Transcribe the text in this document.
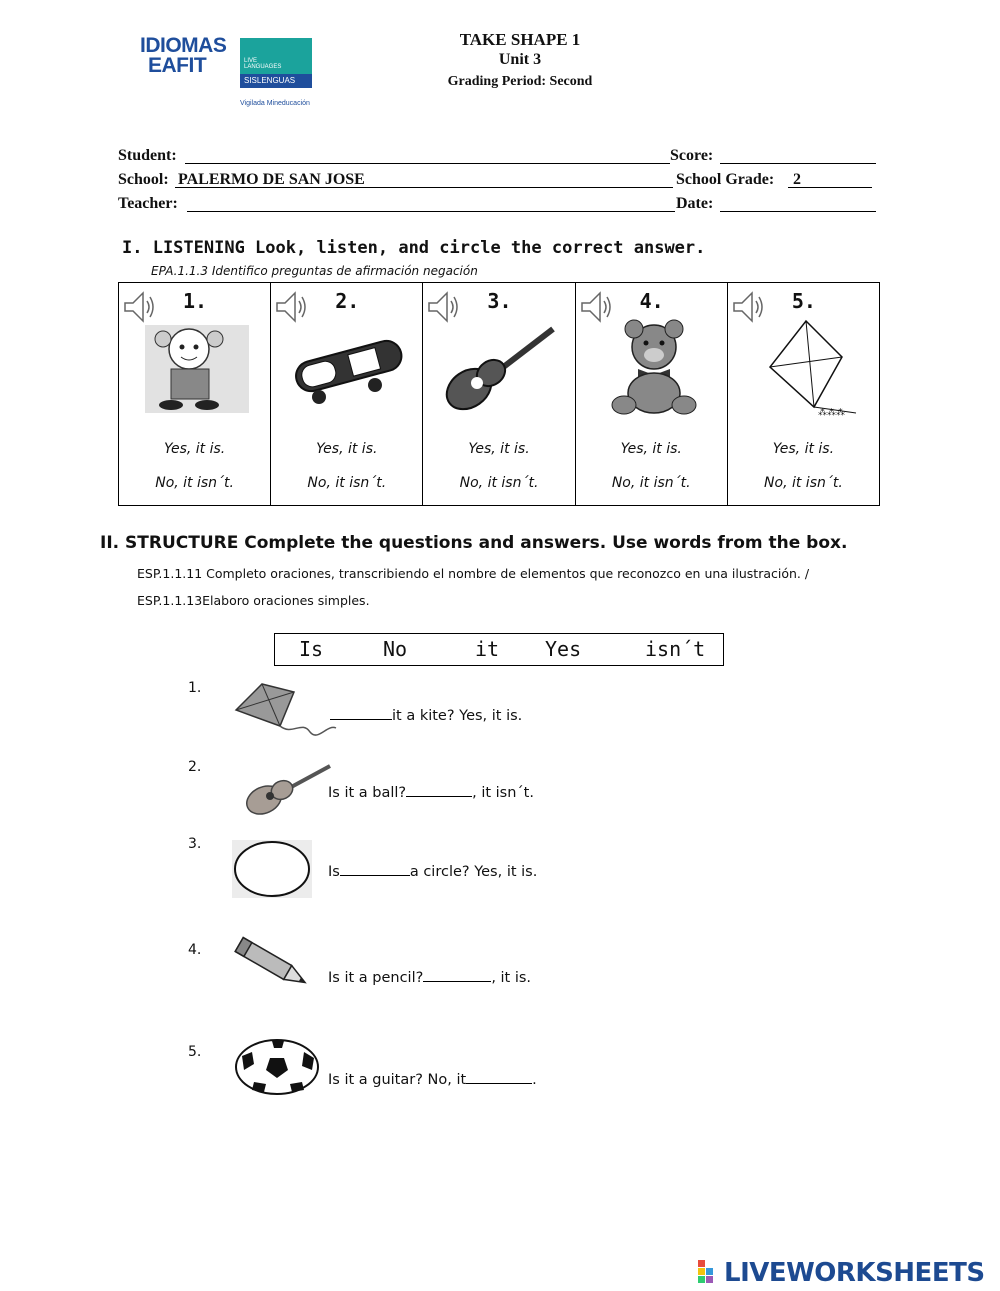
IDIOMAS
EAFIT	LIVE
LANGUAGES
SISLENGUAS
Vigilada Mineducación
TAKE SHAPE 1
Unit 3
Grading Period: Second
Student:	Score:
School: PALERMO DE SAN JOSE	School Grade: 2
Teacher:	Date:
I. LISTENING Look, listen, and circle the correct answer.
EPA.1.1.3 Identifico preguntas de afirmación negación
1.
Yes, it is.
No, it isn´t.
2.
Yes, it is.
No, it isn´t.
3.
Yes, it is.
No, it isn´t.
4.
Yes, it is.
No, it isn´t.
5.
⁂⁂⁂
Yes, it is.
No, it isn´t.
II. STRUCTURE Complete the questions and answers. Use words from the box.
ESP.1.1.11 Completo oraciones, transcribiendo el nombre de elementos que reconozco en una ilustración. /
ESP.1.1.13Elaboro oraciones simples.
Is	No	it Yes	isn´t
1.
it a kite? Yes, it is.
2.
Is it a ball?	, it isn´t.
3.
Is	a circle? Yes, it is.
4.
Is it a pencil?	, it is.
5.
Is it a guitar? No, it	.
LIVEWORKSHEETS
